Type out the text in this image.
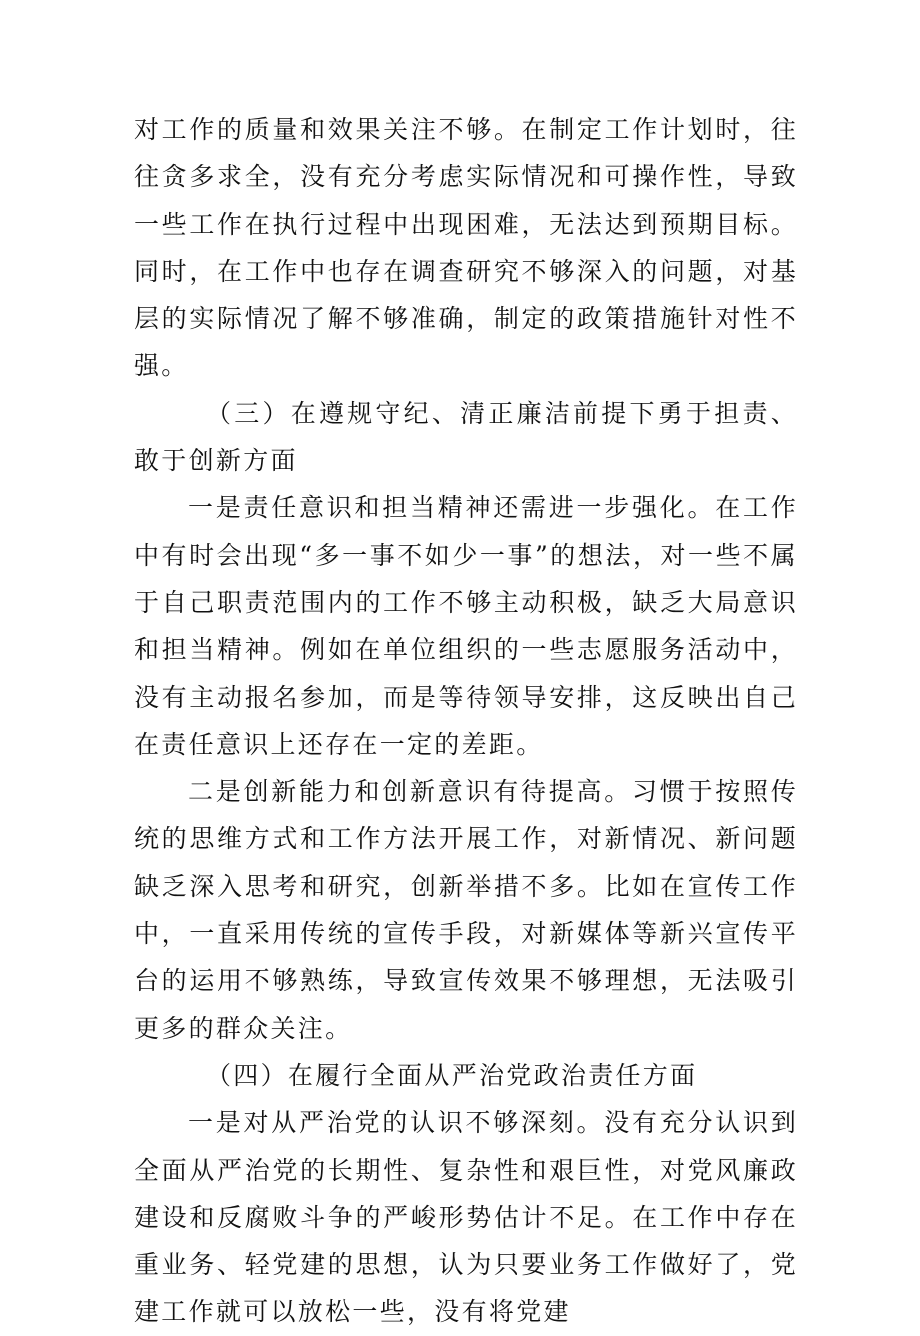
对工作的质量和效果关注不够。在制定工作计划时，往往贪多求全，没有充分考虑实际情况和可操作性，导致一些工作在执行过程中出现困难，无法达到预期目标。同时，在工作中也存在调查研究不够深入的问题，对基层的实际情况了解不够准确，制定的政策措施针对性不强。

（三）在遵规守纪、清正廉洁前提下勇于担责、敢于创新方面

一是责任意识和担当精神还需进一步强化。在工作中有时会出现“多一事不如少一事”的想法，对一些不属于自己职责范围内的工作不够主动积极，缺乏大局意识和担当精神。例如在单位组织的一些志愿服务活动中，没有主动报名参加，而是等待领导安排，这反映出自己在责任意识上还存在一定的差距。

二是创新能力和创新意识有待提高。习惯于按照传统的思维方式和工作方法开展工作，对新情况、新问题缺乏深入思考和研究，创新举措不多。比如在宣传工作中，一直采用传统的宣传手段，对新媒体等新兴宣传平台的运用不够熟练，导致宣传效果不够理想，无法吸引更多的群众关注。

（四）在履行全面从严治党政治责任方面

一是对从严治党的认识不够深刻。没有充分认识到全面从严治党的长期性、复杂性和艰巨性，对党风廉政建设和反腐败斗争的严峻形势估计不足。在工作中存在重业务、轻党建的思想，认为只要业务工作做好了，党建工作就可以放松一些，没有将党建
